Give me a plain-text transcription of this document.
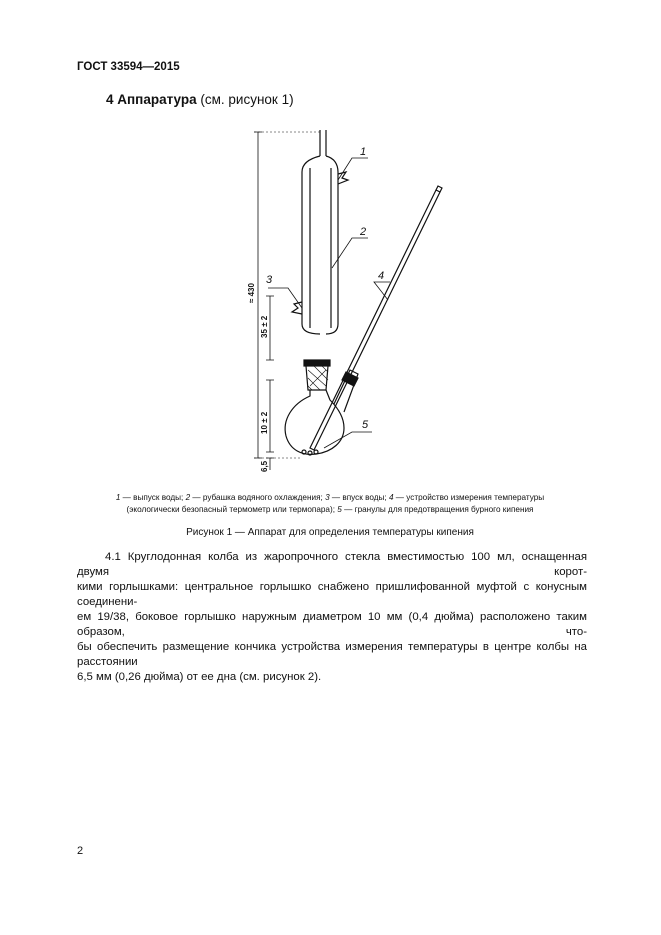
ГОСТ 33594—2015
4 Аппаратура (см. рисунок 1)
1
2
3	4
5
≈ 430
35 ± 2
10 ± 2
6,5
1 — выпуск воды; 2 — рубашка водяного охлаждения; 3 — впуск воды; 4 — устройство измерения температуры
(экологически безопасный термометр или термопара); 5 — гранулы для предотвращения бурного кипения
Рисунок 1 — Аппарат для определения температуры кипения
4.1 Круглодонная колба из жаропрочного стекла вместимостью 100 мл, оснащенная двумя корот-
кими горлышками: центральное горлышко снабжено пришлифованной муфтой с конусным соединени-
ем 19/38, боковое горлышко наружным диаметром 10 мм (0,4 дюйма) расположено таким образом, что-
бы обеспечить размещение кончика устройства измерения температуры в центре колбы на расстоянии
6,5 мм (0,26 дюйма) от ее дна (см. рисунок 2).
2
